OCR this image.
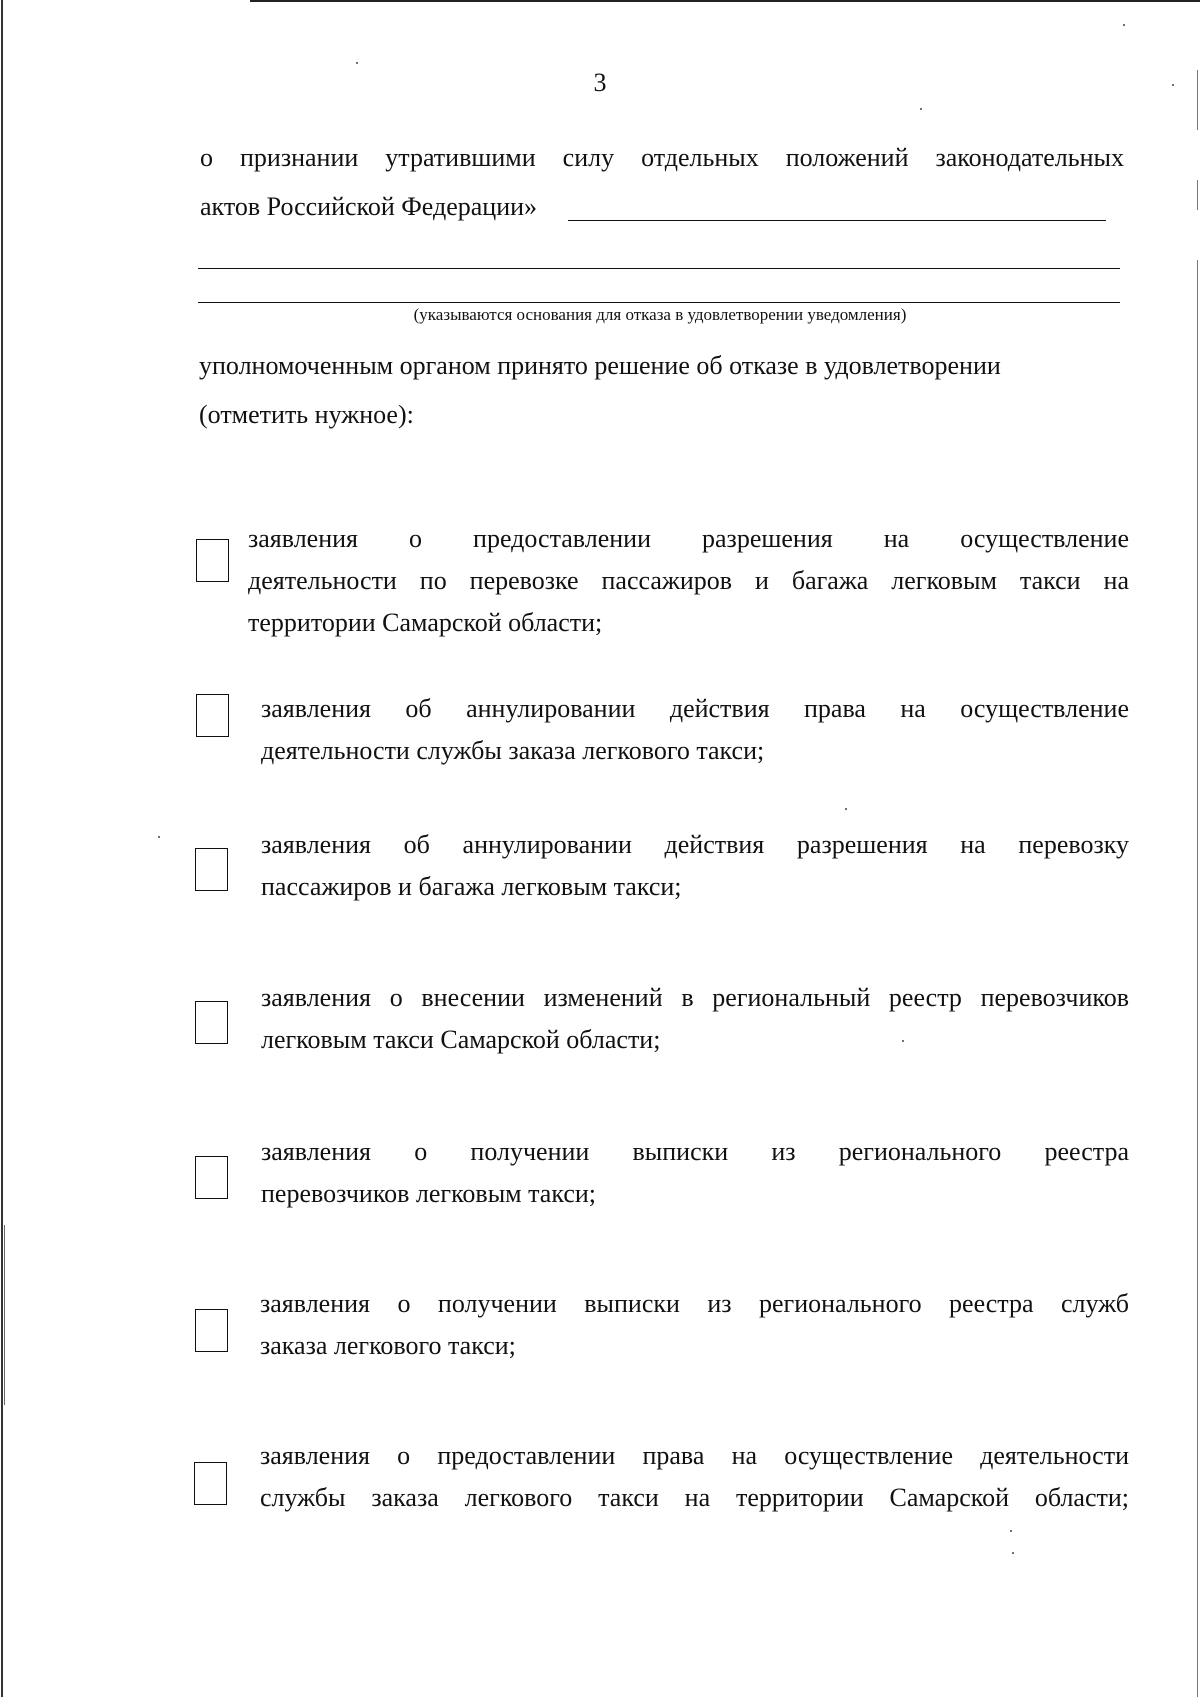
3
о признании утратившими силу отдельных положений законодательных
актов Российской Федерации»
(указываются основания для отказа в удовлетворении уведомления)
уполномоченным органом принято решение об отказе в удовлетворении
(отметить нужное):
заявления о предоставлении разрешения на осуществление
деятельности по перевозке пассажиров и багажа легковым такси на
территории Самарской области;
заявления об аннулировании действия права на осуществление
деятельности службы заказа легкового такси;
заявления об аннулировании действия разрешения на перевозку
пассажиров и багажа легковым такси;
заявления о внесении изменений в региональный реестр перевозчиков
легковым такси Самарской области;
заявления о получении выписки из регионального реестра
перевозчиков легковым такси;
заявления о получении выписки из регионального реестра служб
заказа легкового такси;
заявления о предоставлении права на осуществление деятельности
службы заказа легкового такси на территории Самарской области;
